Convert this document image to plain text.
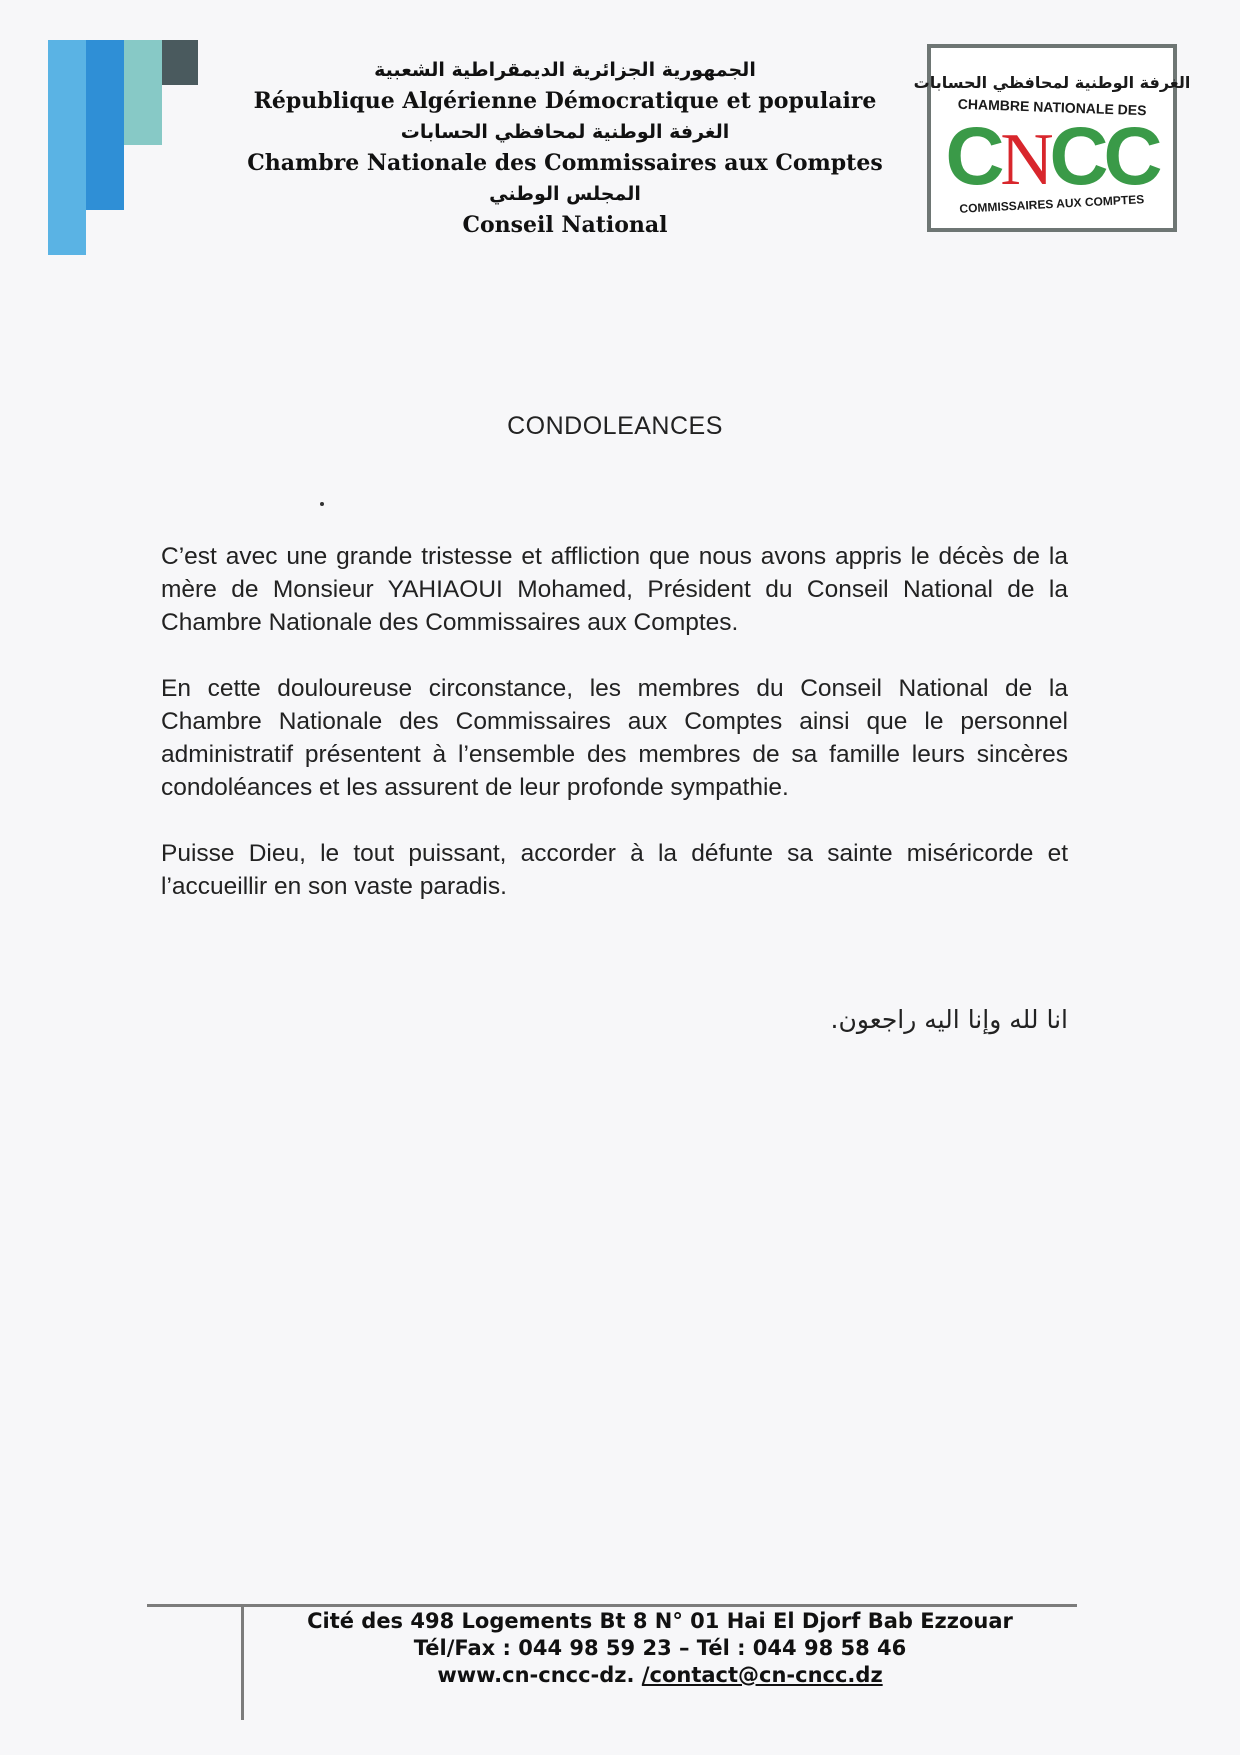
الجمهورية الجزائرية الديمقراطية الشعبية
République Algérienne Démocratique et populaire
الغرفة الوطنية لمحافظي الحسابات
Chambre Nationale des Commissaires aux Comptes
المجلس الوطني
Conseil National
الغرفة الوطنية لمحافظي الحسابات
CHAMBRE NATIONALE DES
C
N
C
C
COMMISSAIRES AUX COMPTES
CONDOLEANCES

C’est avec une grande tristesse et affliction que nous avons appris le décès de la mère de Monsieur YAHIAOUI Mohamed, Président du Conseil National de la Chambre Nationale des Commissaires aux Comptes.

En cette douloureuse circonstance, les membres du Conseil National de la Chambre Nationale des Commissaires aux Comptes ainsi que le personnel administratif présentent à l’ensemble des membres de sa famille leurs sincères condoléances et les assurent de leur profonde sympathie.

Puisse Dieu, le tout puissant, accorder à la défunte sa sainte miséricorde et l’accueillir en son vaste paradis.

انا لله وإنا اليه راجعون.
Cité des 498 Logements Bt 8 N° 01 Hai El Djorf Bab Ezzouar
Tél/Fax : 044 98 59 23 – Tél : 044 98 58 46
www.cn-cncc-dz. /contact@cn-cncc.dz
